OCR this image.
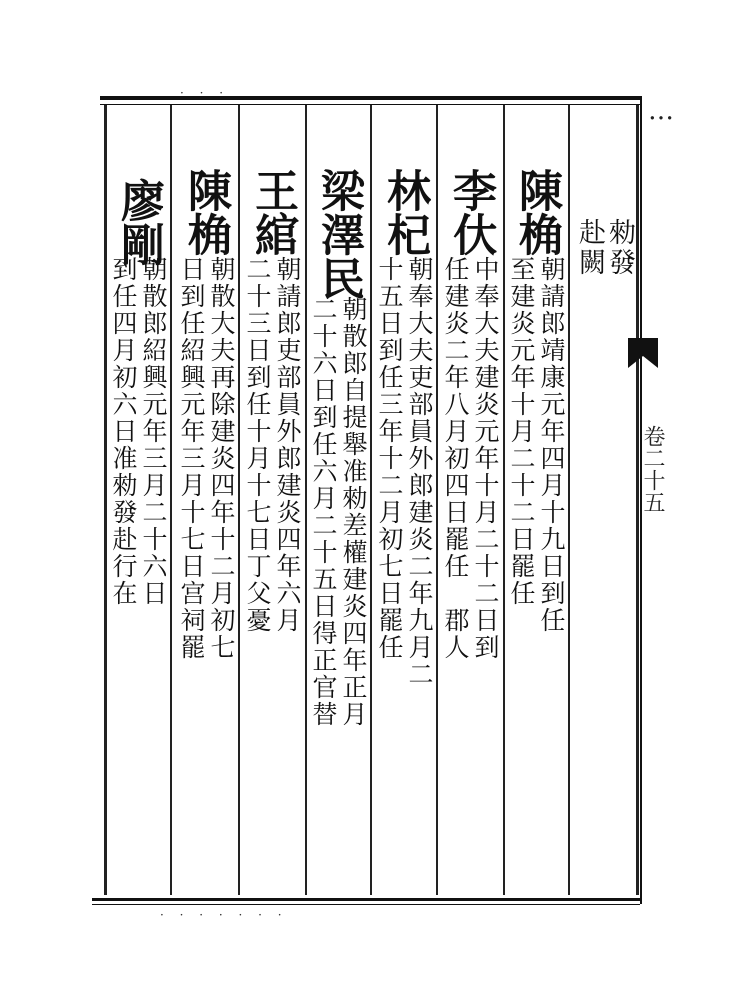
· · ·
· · · · · · ·
…
卷二十五
勑發
赴闕
陳桷
朝請郎靖康元年四月十九日到任
至建炎元年十月二十二日罷任
李㐲
中奉大夫建炎元年十月二十二日到
任建炎二年八月初四日罷任　郡人
林杞
朝奉大夫吏部員外郎建炎二年九月二
十五日到任三年十二月初七日罷任
梁澤民
朝散郎自提舉准勑差權建炎四年正月
二十六日到任六月二十五日得正官替
王綰
朝請郎吏部員外郎建炎四年六月
二十三日到任十月十七日丁父憂
陳桷
朝散大夫再除建炎四年十二月初七
日到任紹興元年三月十七日宫祠罷
廖剛
朝散郎紹興元年三月二十六日
到任四月初六日准勑發赴行在
